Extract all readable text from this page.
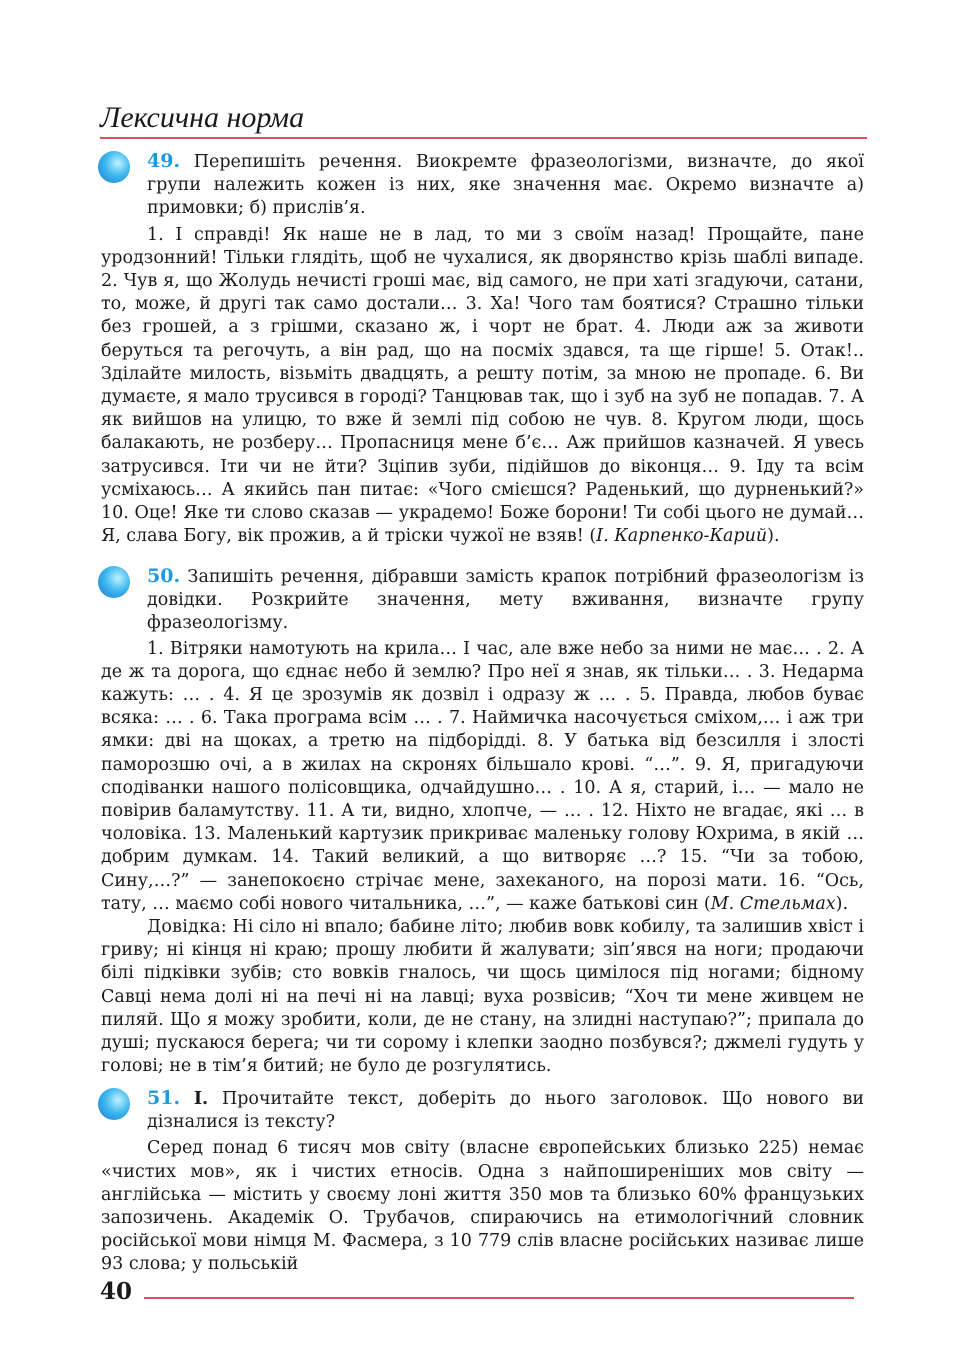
Лексична норма

49. Перепишіть речення. Виокремте фразеологізми, визначте, до якої групи належить кожен із них, яке значення має. Окремо визначте а) примовки; б) прислів’я.

1. І справді! Як наше не в лад, то ми з своїм назад! Прощайте, пане уродзонний! Тільки глядіть, щоб не чухалися, як дворянство крізь шаблі випаде. 2. Чув я, що Жолудь нечисті гроші має, від самого, не при хаті згадуючи, сатани, то, може, й другі так само достали… 3. Ха! Чого там боятися? Страшно тільки без грошей, а з грішми, сказано ж, і чорт не брат. 4. Люди аж за животи беруться та регочуть, а він рад, що на посміх здався, та ще гірше! 5. Отак!.. Зділайте милость, візьміть двадцять, а решту потім, за мною не пропаде. 6. Ви думаєте, я мало трусився в городі? Танцював так, що і зуб на зуб не попадав. 7. А як вийшов на улицю, то вже й землі під собою не чув. 8. Кругом люди, щось балакають, не розберу… Пропасниця мене б’є… Аж прийшов казначей. Я увесь затрусився. Іти чи не йти? Зціпив зуби, підійшов до віконця… 9. Іду та всім усміхаюсь… А якийсь пан питає: «Чого смієшся? Раденький, що дурненький?» 10. Оце! Яке ти слово сказав — украдемо! Боже борони! Ти собі цього не думай… Я, слава Богу, вік прожив, а й тріски чужої не взяв! (І. Карпенко-Карий).

50. Запишіть речення, дібравши замість крапок потрібний фразеологізм із довідки. Розкрийте значення, мету вживання, визначте групу фразеологізму.

1. Вітряки намотують на крила… І час, але вже небо за ними не має… . 2. А де ж та дорога, що єднає небо й землю? Про неї я знав, як тільки… . 3. Недарма кажуть: … . 4. Я це зрозумів як дозвіл і одразу ж … . 5. Правда, любов буває всяка: … . 6. Така програма всім … . 7. Наймичка насочується сміхом,… і аж три ямки: дві на щоках, а третю на підборідді. 8. У батька від безсилля і злості паморозшю очі, а в жилах на скронях більшало крові. “…”. 9. Я, пригадуючи сподіванки нашого полісовщика, одчайдушно… . 10. А я, старий, і… — мало не повірив баламутству. 11. А ти, видно, хлопче, — … . 12. Ніхто не вгадає, які … в чоловіка. 13. Маленький картузик прикриває маленьку голову Юхрима, в якій … добрим думкам. 14. Такий великий, а що витворяє …? 15. “Чи за тобою, Сину,…?” — занепокоєно стрічає мене, захеканого, на порозі мати. 16. “Ось, тату, … маємо собі нового читальника, …”, — каже батькові син (М. Стельмах).

Довідка: Ні сіло ні впало; бабине літо; любив вовк кобилу, та залишив хвіст і гриву; ні кінця ні краю; прошу любити й жалувати; зіп’явся на ноги; продаючи білі підківки зубів; сто вовків гналось, чи щось цимілося під ногами; бідному Савці нема долі ні на печі ні на лавці; вуха розвісив; “Хоч ти мене живцем не пиляй. Що я можу зробити, коли, де не стану, на злидні наступаю?”; припала до душі; пускаюся берега; чи ти сорому і клепки заодно позбувся?; джмелі гудуть у голові; не в тім’я битий; не було де розгулятись.

51. I. Прочитайте текст, доберіть до нього заголовок. Що нового ви дізналися із тексту?

Серед понад 6 тисяч мов світу (власне європейських близько 225) немає «чистих мов», як і чистих етносів. Одна з найпоширеніших мов світу — англійська — містить у своєму лоні життя 350 мов та близько 60% французьких запозичень. Академік О. Трубачов, спираючись на етимологічний словник російської мови німця М. Фасмера, з 10 779 слів власне російських називає лише 93 слова; у польській

40
